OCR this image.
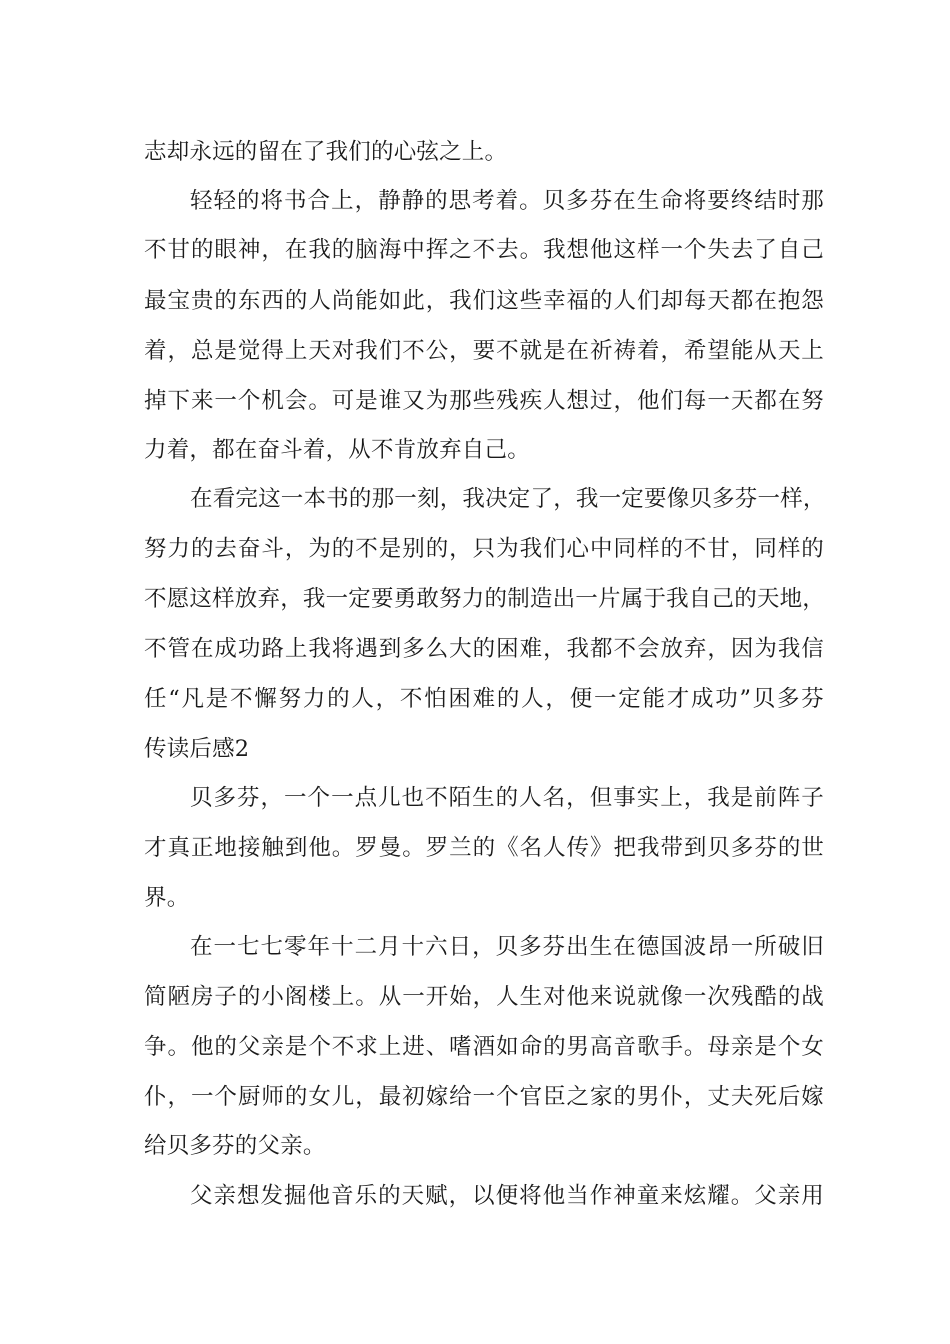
志却永远的留在了我们的心弦之上。
轻轻的将书合上，静静的思考着。贝多芬在生命将要终结时那
不甘的眼神，在我的脑海中挥之不去。我想他这样一个失去了自己
最宝贵的东西的人尚能如此，我们这些幸福的人们却每天都在抱怨
着，总是觉得上天对我们不公，要不就是在祈祷着，希望能从天上
掉下来一个机会。可是谁又为那些残疾人想过，他们每一天都在努
力着，都在奋斗着，从不肯放弃自己。
在看完这一本书的那一刻，我决定了，我一定要像贝多芬一样，
努力的去奋斗，为的不是别的，只为我们心中同样的不甘，同样的
不愿这样放弃，我一定要勇敢努力的制造出一片属于我自己的天地，
不管在成功路上我将遇到多么大的困难，我都不会放弃，因为我信
任“凡是不懈努力的人，不怕困难的人，便一定能才成功”贝多芬
传读后感2
贝多芬，一个一点儿也不陌生的人名，但事实上，我是前阵子
才真正地接触到他。罗曼。罗兰的《名人传》把我带到贝多芬的世
界。
在一七七零年十二月十六日，贝多芬出生在德国波昂一所破旧
简陋房子的小阁楼上。从一开始，人生对他来说就像一次残酷的战
争。他的父亲是个不求上进、嗜酒如命的男高音歌手。母亲是个女
仆，一个厨师的女儿，最初嫁给一个官臣之家的男仆，丈夫死后嫁
给贝多芬的父亲。
父亲想发掘他音乐的天赋，以便将他当作神童来炫耀。父亲用
